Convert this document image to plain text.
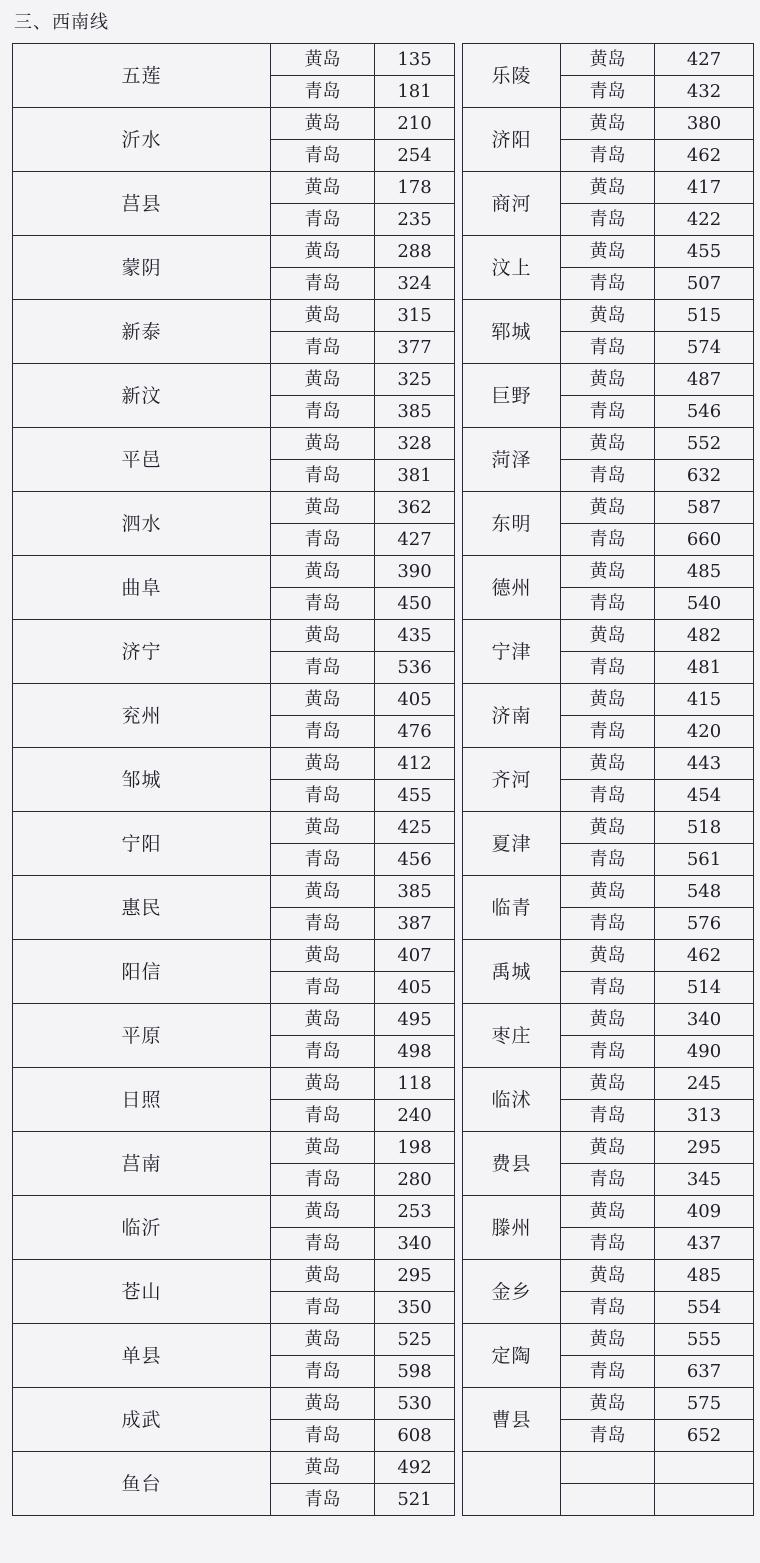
三、西南线
五莲	黄岛	135		乐陵	黄岛	427
	青岛	181			青岛	432
沂水	黄岛	210		济阳	黄岛	380
	青岛	254			青岛	462
莒县	黄岛	178		商河	黄岛	417
	青岛	235			青岛	422
蒙阴	黄岛	288		汶上	黄岛	455
	青岛	324			青岛	507
新泰	黄岛	315		郓城	黄岛	515
	青岛	377			青岛	574
新汶	黄岛	325		巨野	黄岛	487
	青岛	385			青岛	546
平邑	黄岛	328		菏泽	黄岛	552
	青岛	381			青岛	632
泗水	黄岛	362		东明	黄岛	587
	青岛	427			青岛	660
曲阜	黄岛	390		德州	黄岛	485
	青岛	450			青岛	540
济宁	黄岛	435		宁津	黄岛	482
	青岛	536			青岛	481
兖州	黄岛	405		济南	黄岛	415
	青岛	476			青岛	420
邹城	黄岛	412		齐河	黄岛	443
	青岛	455			青岛	454
宁阳	黄岛	425		夏津	黄岛	518
	青岛	456			青岛	561
惠民	黄岛	385		临青	黄岛	548
	青岛	387			青岛	576
阳信	黄岛	407		禹城	黄岛	462
	青岛	405			青岛	514
平原	黄岛	495		枣庄	黄岛	340
	青岛	498			青岛	490
日照	黄岛	118		临沭	黄岛	245
	青岛	240			青岛	313
莒南	黄岛	198		费县	黄岛	295
	青岛	280			青岛	345
临沂	黄岛	253		滕州	黄岛	409
	青岛	340			青岛	437
苍山	黄岛	295		金乡	黄岛	485
	青岛	350			青岛	554
单县	黄岛	525		定陶	黄岛	555
	青岛	598			青岛	637
成武	黄岛	530		曹县	黄岛	575
	青岛	608			青岛	652
鱼台	黄岛	492				
	青岛	521				
